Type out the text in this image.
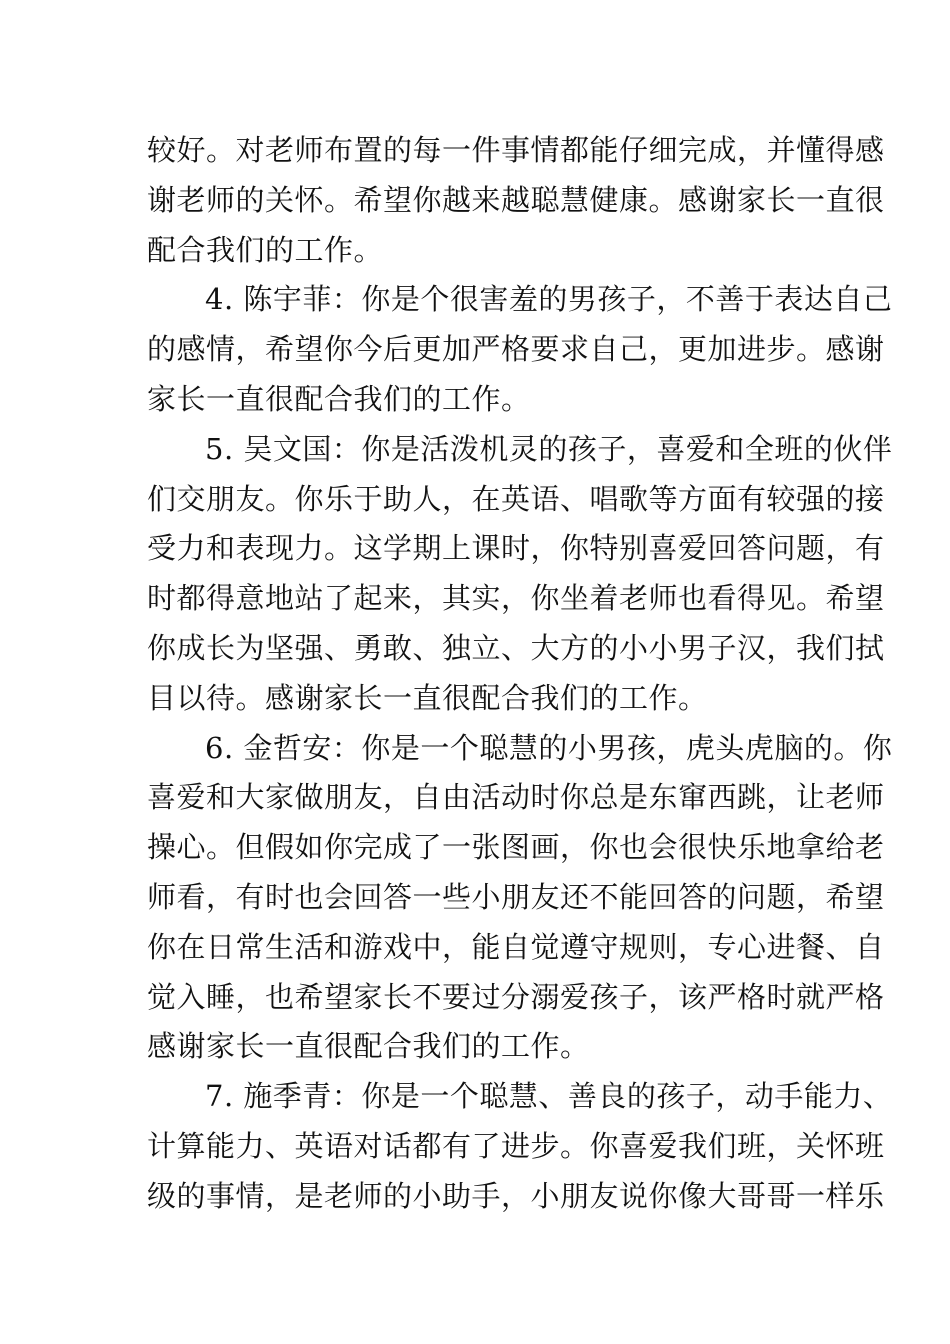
较好。对老师布置的每一件事情都能仔细完成，并懂得感
谢老师的关怀。希望你越来越聪慧健康。感谢家长一直很
配合我们的工作。

4. 陈宇菲：你是个很害羞的男孩子，不善于表达自己
的感情，希望你今后更加严格要求自己，更加进步。感谢
家长一直很配合我们的工作。

5. 吴文国：你是活泼机灵的孩子，喜爱和全班的伙伴
们交朋友。你乐于助人，在英语、唱歌等方面有较强的接
受力和表现力。这学期上课时，你特别喜爱回答问题，有
时都得意地站了起来，其实，你坐着老师也看得见。希望
你成长为坚强、勇敢、独立、大方的小小男子汉，我们拭
目以待。感谢家长一直很配合我们的工作。

6. 金哲安：你是一个聪慧的小男孩，虎头虎脑的。你
喜爱和大家做朋友，自由活动时你总是东窜西跳，让老师
操心。但假如你完成了一张图画，你也会很快乐地拿给老
师看，有时也会回答一些小朋友还不能回答的问题，希望
你在日常生活和游戏中，能自觉遵守规则，专心进餐、自
觉入睡，也希望家长不要过分溺爱孩子，该严格时就严格
感谢家长一直很配合我们的工作。

7. 施季青：你是一个聪慧、善良的孩子，动手能力、
计算能力、英语对话都有了进步。你喜爱我们班，关怀班
级的事情，是老师的小助手，小朋友说你像大哥哥一样乐
